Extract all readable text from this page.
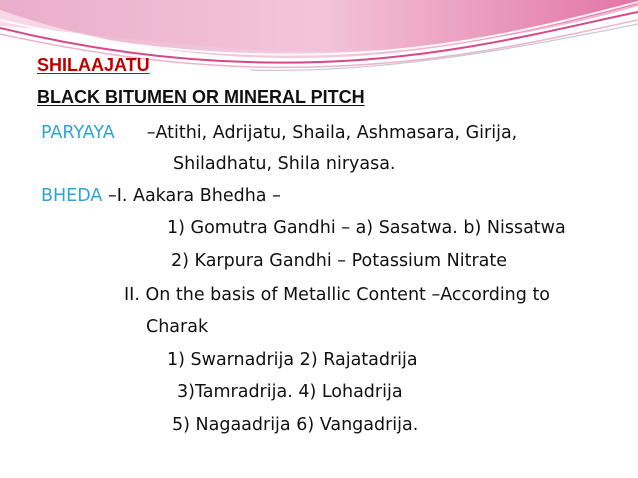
SHILAAJATU
BLACK BITUMEN OR MINERAL PITCH
PARYAYA –Atithi, Adrijatu, Shaila, Ashmasara, Girija,
Shiladhatu, Shila niryasa.
BHEDA –I. Aakara Bhedha –
1) Gomutra Gandhi – a) Sasatwa. b) Nissatwa
2) Karpura Gandhi – Potassium Nitrate
II. On the basis of Metallic Content –According to
Charak
1) Swarnadrija 2) Rajatadrija
3)Tamradrija. 4) Lohadrija
5) Nagaadrija 6) Vangadrija.
